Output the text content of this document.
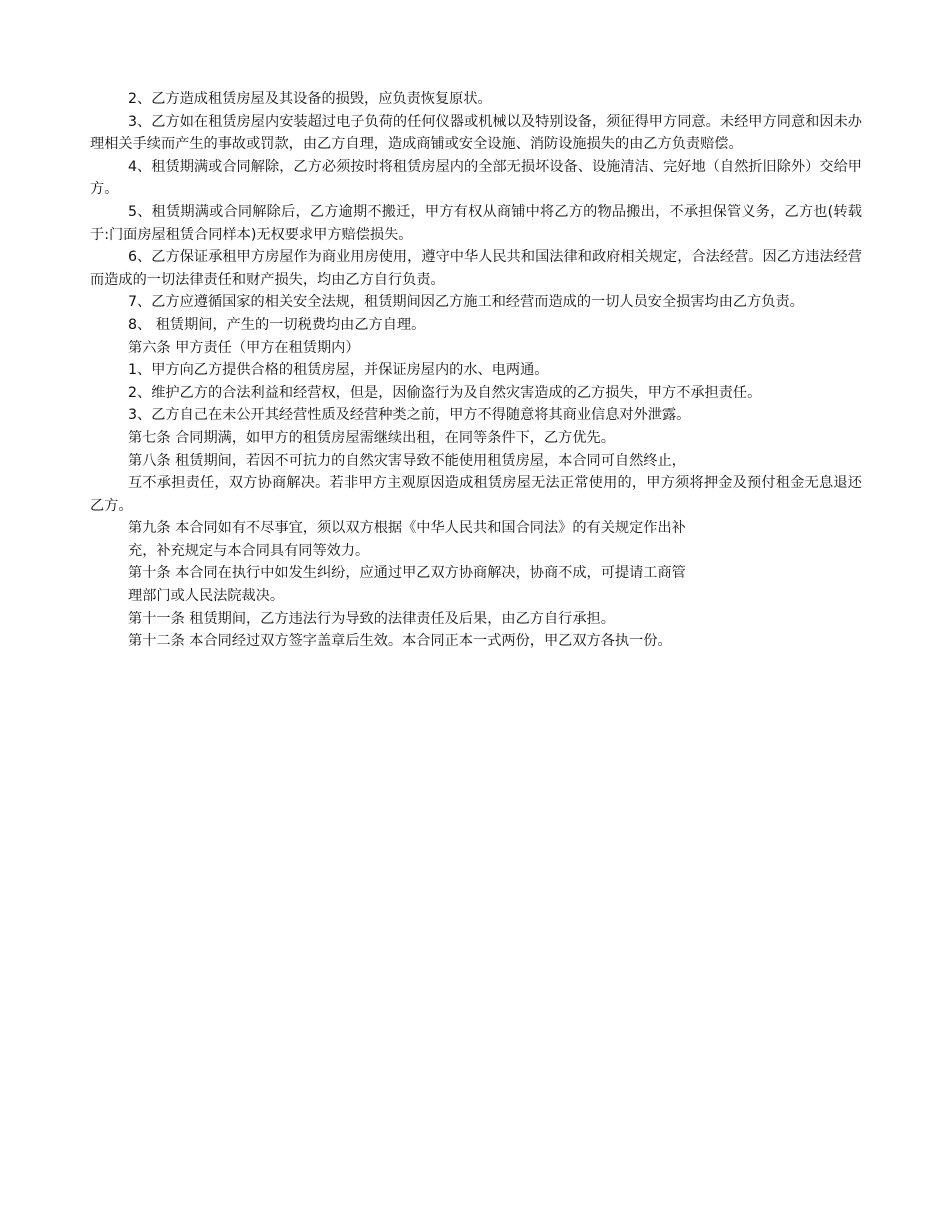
2、乙方造成租赁房屋及其设备的损毁，应负责恢复原状。

3、乙方如在租赁房屋内安装超过电子负荷的任何仪器或机械以及特别设备，须征得甲方同意。未经甲方同意和因未办理相关手续而产生的事故或罚款，由乙方自理，造成商铺或安全设施、消防设施损失的由乙方负责赔偿。

4、租赁期满或合同解除，乙方必须按时将租赁房屋内的全部无损坏设备、设施清洁、完好地（自然折旧除外）交给甲方。

5、租赁期满或合同解除后，乙方逾期不搬迁，甲方有权从商铺中将乙方的物品搬出，不承担保管义务，乙方也(转载于:门面房屋租赁合同样本)无权要求甲方赔偿损失。

6、乙方保证承租甲方房屋作为商业用房使用，遵守中华人民共和国法律和政府相关规定，合法经营。因乙方违法经营而造成的一切法律责任和财产损失，均由乙方自行负责。

7、乙方应遵循国家的相关安全法规，租赁期间因乙方施工和经营而造成的一切人员安全损害均由乙方负责。

8、 租赁期间，产生的一切税费均由乙方自理。

第六条 甲方责任（甲方在租赁期内）

1、甲方向乙方提供合格的租赁房屋，并保证房屋内的水、电两通。

2、维护乙方的合法利益和经营权，但是，因偷盗行为及自然灾害造成的乙方损失，甲方不承担责任。

3、乙方自己在未公开其经营性质及经营种类之前，甲方不得随意将其商业信息对外泄露。

第七条 合同期满，如甲方的租赁房屋需继续出租，在同等条件下，乙方优先。

第八条 租赁期间，若因不可抗力的自然灾害导致不能使用租赁房屋，本合同可自然终止，

互不承担责任，双方协商解决。若非甲方主观原因造成租赁房屋无法正常使用的，甲方须将押金及预付租金无息退还乙方。

第九条 本合同如有不尽事宜，须以双方根据《中华人民共和国合同法》的有关规定作出补

充，补充规定与本合同具有同等效力。

第十条 本合同在执行中如发生纠纷，应通过甲乙双方协商解决，协商不成，可提请工商管

理部门或人民法院裁决。

第十一条 租赁期间，乙方违法行为导致的法律责任及后果，由乙方自行承担。

第十二条 本合同经过双方签字盖章后生效。本合同正本一式两份，甲乙双方各执一份。
